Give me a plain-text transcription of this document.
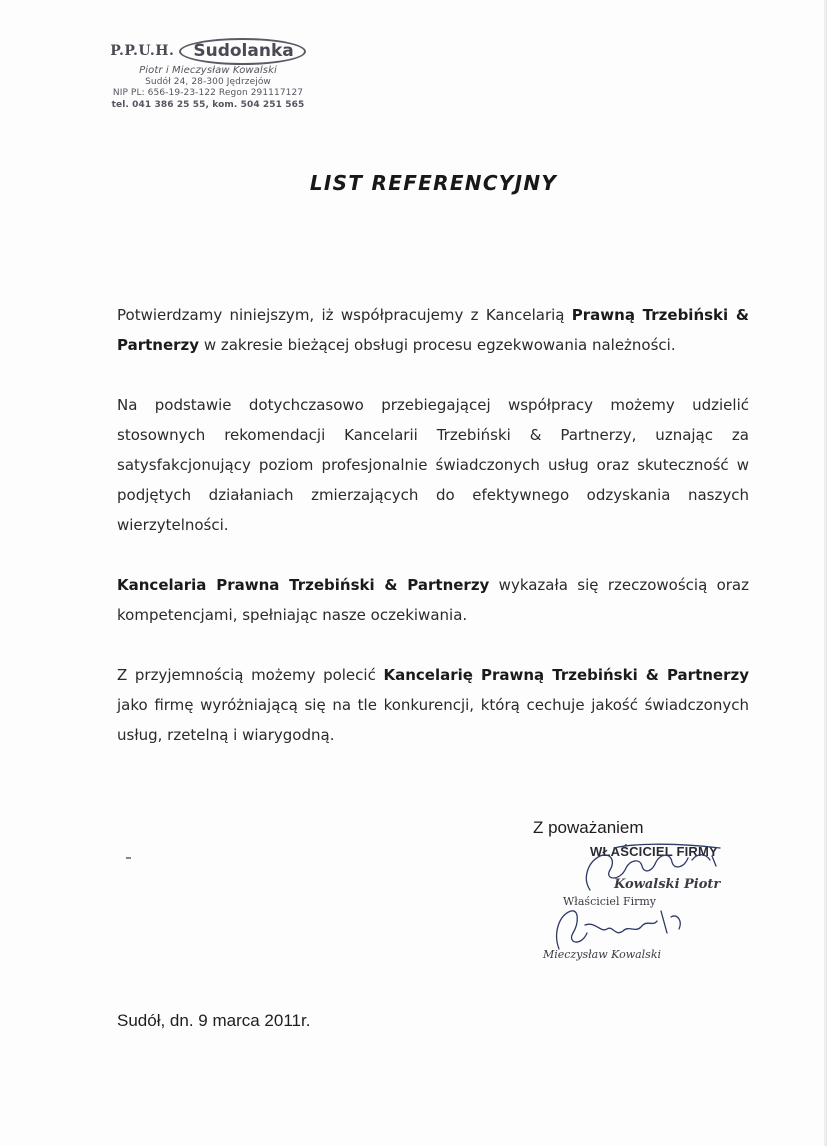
P.P.U.H.	Sudolanka
Piotr i Mieczysław Kowalski
Sudół 24, 28-300 Jędrzejów
NIP PL: 656-19-23-122 Regon 291117127
tel. 041 386 25 55, kom. 504 251 565
LIST REFERENCYJNY
Potwierdzamy niniejszym, iż współpracujemy z Kancelarią Prawną Trzebiński & Partnerzy w zakresie bieżącej obsługi procesu egzekwowania należności.
Na podstawie dotychczasowo przebiegającej współpracy możemy udzielić stosownych rekomendacji Kancelarii Trzebiński & Partnerzy, uznając za satysfakcjonujący poziom profesjonalnie świadczonych usług oraz skuteczność w podjętych działaniach zmierzających do efektywnego odzyskania naszych wierzytelności.
Kancelaria Prawna Trzebiński & Partnerzy wykazała się rzeczowością oraz kompetencjami, spełniając nasze oczekiwania.
Z przyjemnością możemy polecić Kancelarię Prawną Trzebiński & Partnerzy jako firmę wyróżniającą się na tle konkurencji, którą cechuje jakość świadczonych usług, rzetelną i wiarygodną.
Z poważaniem
WŁAŚCICIEL FIRMY
Kowalski Piotr
Właściciel Firmy
Mieczysław Kowalski
Sudół, dn. 9 marca 2011r.
